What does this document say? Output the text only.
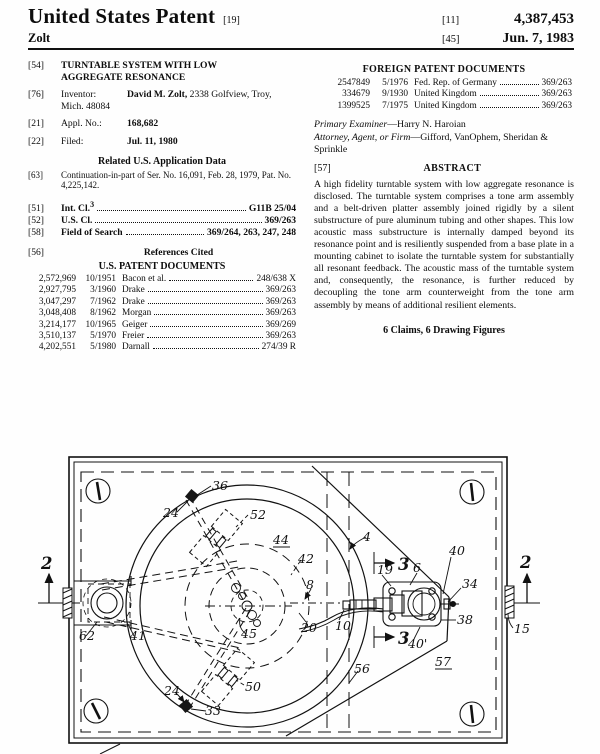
United States Patent [19]	[11]	4,387,453
Zolt	[45]	Jun. 7, 1983
[54]	TURNTABLE SYSTEM WITH LOW
AGGREGATE RESONANCE
[76]	Inventor:	David M. Zolt, 2338 Golfview, Troy, Mich. 48084
[21]	Appl. No.:	168,682
[22]	Filed:	Jul. 11, 1980
Related U.S. Application Data
[63]	Continuation-in-part of Ser. No. 16,091, Feb. 28, 1979, Pat. No. 4,225,142.
[51]	Int. Cl.$^3$	G11B 25/04
[52]	U.S. Cl.	369/263
[58]	Field of Search	369/264, 263, 247, 248
[56]	References Cited
U.S. PATENT DOCUMENTS
2,572,969	10/1951 Bacon et al.	248/638 X
2,927,795	3/1960 Drake	369/263
3,047,297	7/1962 Drake	369/263
3,048,408	8/1962 Morgan	369/263
3,214,177	10/1965 Geiger	369/269
3,510,137	5/1970 Freier	369/263
4,202,551	5/1980 Darnall	274/39 R
FOREIGN PATENT DOCUMENTS
2547849	5/1976 Fed. Rep. of Germany	369/263
334679	9/1930 United Kingdom	369/263
1399525	7/1975 United Kingdom	369/263
Primary Examiner—Harry N. Haroian
Attorney, Agent, or Firm—Gifford, VanOphem, Sheridan & Sprinkle
[57]	ABSTRACT
A high fidelity turntable system with low aggregate resonance is disclosed. The turntable system comprises a tone arm assembly and a belt-driven platter assembly joined rigidly by a silent substructure of pure aluminum tubing and other shapes. This low acoustic mass substructure is internally damped beyond its resonance point and is resiliently suspended from a base plate in a mounting cabinet to isolate the turntable system for substantially all resonant feedback. The acoustic mass of the turntable system and, consequently, the resonance, is further reduced by decoupling the tone arm counterweight from the tone arm assembly by means of additional resilient elements.
6 Claims, 6 Drawing Figures
2	2
36
24	52
44
42
4
3
19 6
40
34
38
3
40'
15
10
20
8
45
62	41
24
33
50
56	57
